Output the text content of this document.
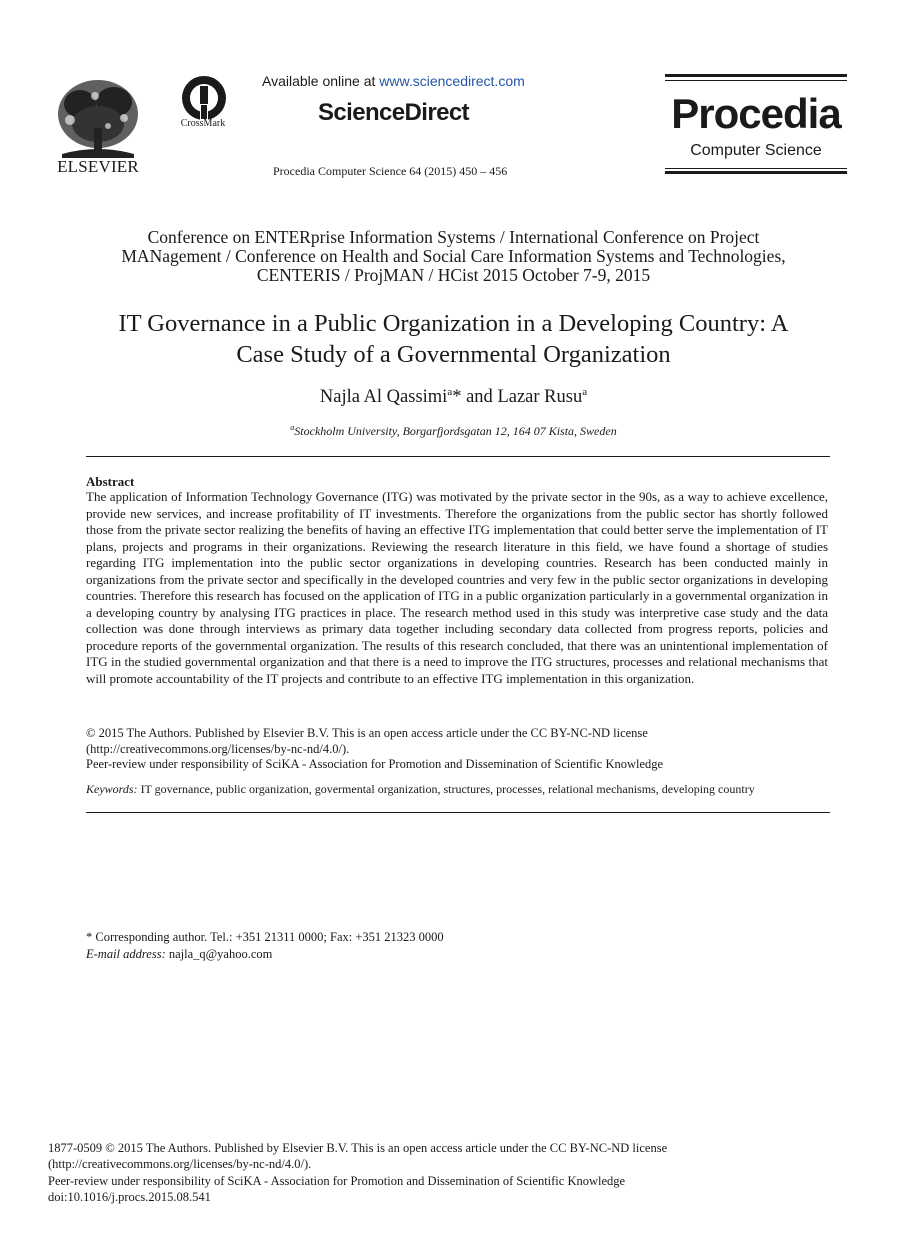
ELSEVIER
CrossMark
Available online at www.sciencedirect.com
ScienceDirect
Procedia Computer Science 64 (2015) 450 – 456
Procedia
Computer Science
Conference on ENTERprise Information Systems / International Conference on Project
MANagement / Conference on Health and Social Care Information Systems and Technologies,
CENTERIS / ProjMAN / HCist 2015 October 7-9, 2015
IT Governance in a Public Organization in a Developing Country: A
Case Study of a Governmental Organization
Najla Al Qassimi$^a$* and Lazar Rusu$^a$
$^a$Stockholm University, Borgarfjordsgatan 12, 164 07 Kista, Sweden
Abstract
The application of Information Technology Governance (ITG) was motivated by the private sector in the 90s, as a way to achieve excellence, provide new services, and increase profitability of IT investments. Therefore the organizations from the public sector has shortly followed those from the private sector realizing the benefits of having an effective ITG implementation that could better serve the implementation of IT plans, projects and programs in their organizations. Reviewing the research literature in this field, we have found a shortage of studies regarding ITG implementation into the public sector organizations in developing countries. Research has been conducted mainly in organizations from the private sector and specifically in the developed countries and very few in the public sector organizations in developing countries. Therefore this research has focused on the application of ITG in a public organization particularly in a governmental organization in a developing country by analysing ITG practices in place. The research method used in this study was interpretive case study and the data collection was done through interviews as primary data together including secondary data collected from progress reports, policies and procedure reports of the governmental organization. The results of this research concluded, that there was an unintentional implementation of ITG in the studied governmental organization and that there is a need to improve the ITG structures, processes and relational mechanisms that will promote accountability of the IT projects and contribute to an effective ITG implementation in this organization.
© 2015 The Authors. Published by Elsevier B.V. This is an open access article under the CC BY-NC-ND license
(http://creativecommons.org/licenses/by-nc-nd/4.0/).
Peer-review under responsibility of SciKA - Association for Promotion and Dissemination of Scientific Knowledge
Keywords: IT governance, public organization, govermental organization, structures, processes, relational mechanisms, developing country
* Corresponding author. Tel.: +351 21311 0000; Fax: +351 21323 0000
E-mail address: najla_q@yahoo.com
1877-0509 © 2015 The Authors. Published by Elsevier B.V. This is an open access article under the CC BY-NC-ND license
(http://creativecommons.org/licenses/by-nc-nd/4.0/).
Peer-review under responsibility of SciKA - Association for Promotion and Dissemination of Scientific Knowledge
doi:10.1016/j.procs.2015.08.541
